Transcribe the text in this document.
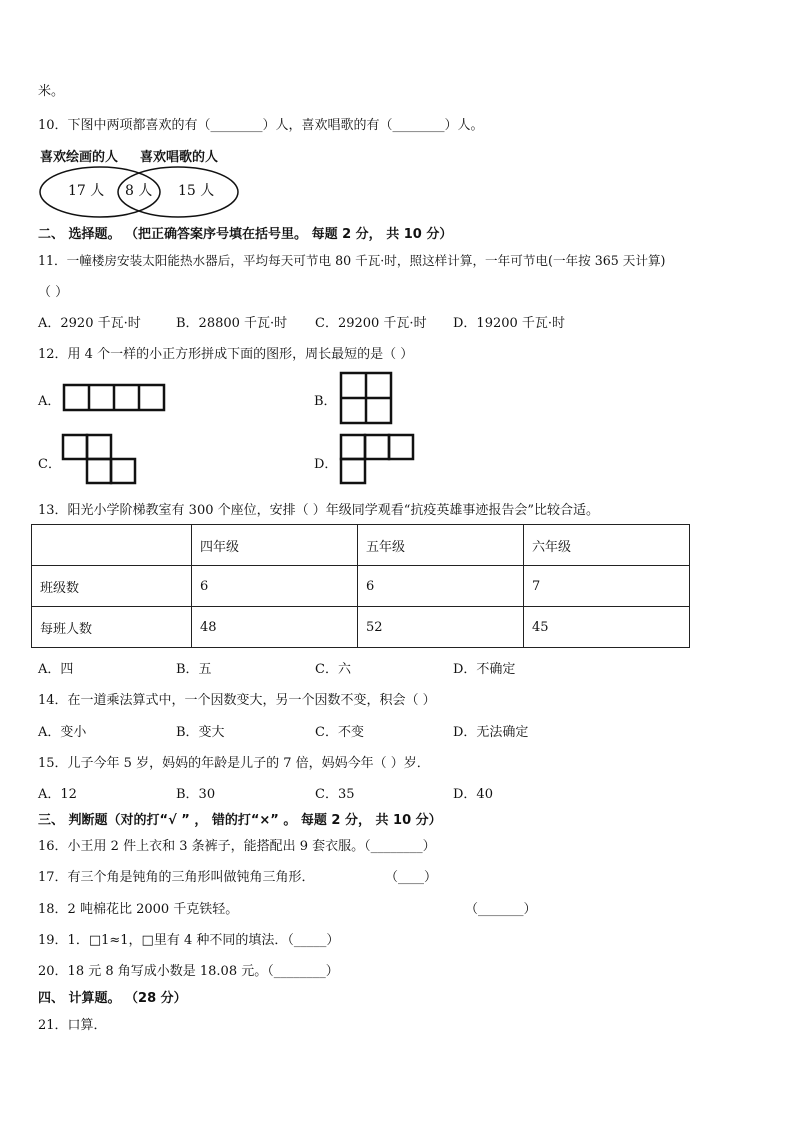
米。
10．下图中两项都喜欢的有（________）人，喜欢唱歌的有（________）人。
喜欢绘画的人 喜欢唱歌的人
17 人 8 人 15 人
二、 选择题。 （把正确答案序号填在括号里。 每题 2 分， 共 10 分）
11．一幢楼房安装太阳能热水器后，平均每天可节电 80 千瓦·时，照这样计算，一年可节电(一年按 365 天计算)
（ ）
A．2920 千瓦·时	B．28800 千瓦·时 C．29200 千瓦·时 D．19200 千瓦·时
12．用 4 个一样的小正方形拼成下面的图形，周长最短的是（ ）
A．	B．
C．	D．
13．阳光小学阶梯教室有 300 个座位，安排（ ）年级同学观看“抗疫英雄事迹报告会”比较合适。
	四年级	五年级	六年级
班级数	6	6	7
每班人数	48	52	45
A．四	B．五	C．六	D．不确定
14．在一道乘法算式中，一个因数变大，另一个因数不变，积会（ ）
A．变小	B．变大	C．不变	D．无法确定
15．儿子今年 5 岁，妈妈的年龄是儿子的 7 倍，妈妈今年（ ）岁．
A．12	B．30	C．35	D．40
三、 判断题（对的打“√ ” ， 错的打“×” 。 每题 2 分， 共 10 分）
16．小王用 2 件上衣和 3 条裤子，能搭配出 9 套衣服。（________）
17．有三个角是钝角的三角形叫做钝角三角形．	（____）
18．2 吨棉花比 2000 千克铁轻。	（_______）
19．1．□1≈1，□里有 4 种不同的填法．（_____）
20．18 元 8 角写成小数是 18.08 元。（________）
四、 计算题。 （28 分）
21．口算．
